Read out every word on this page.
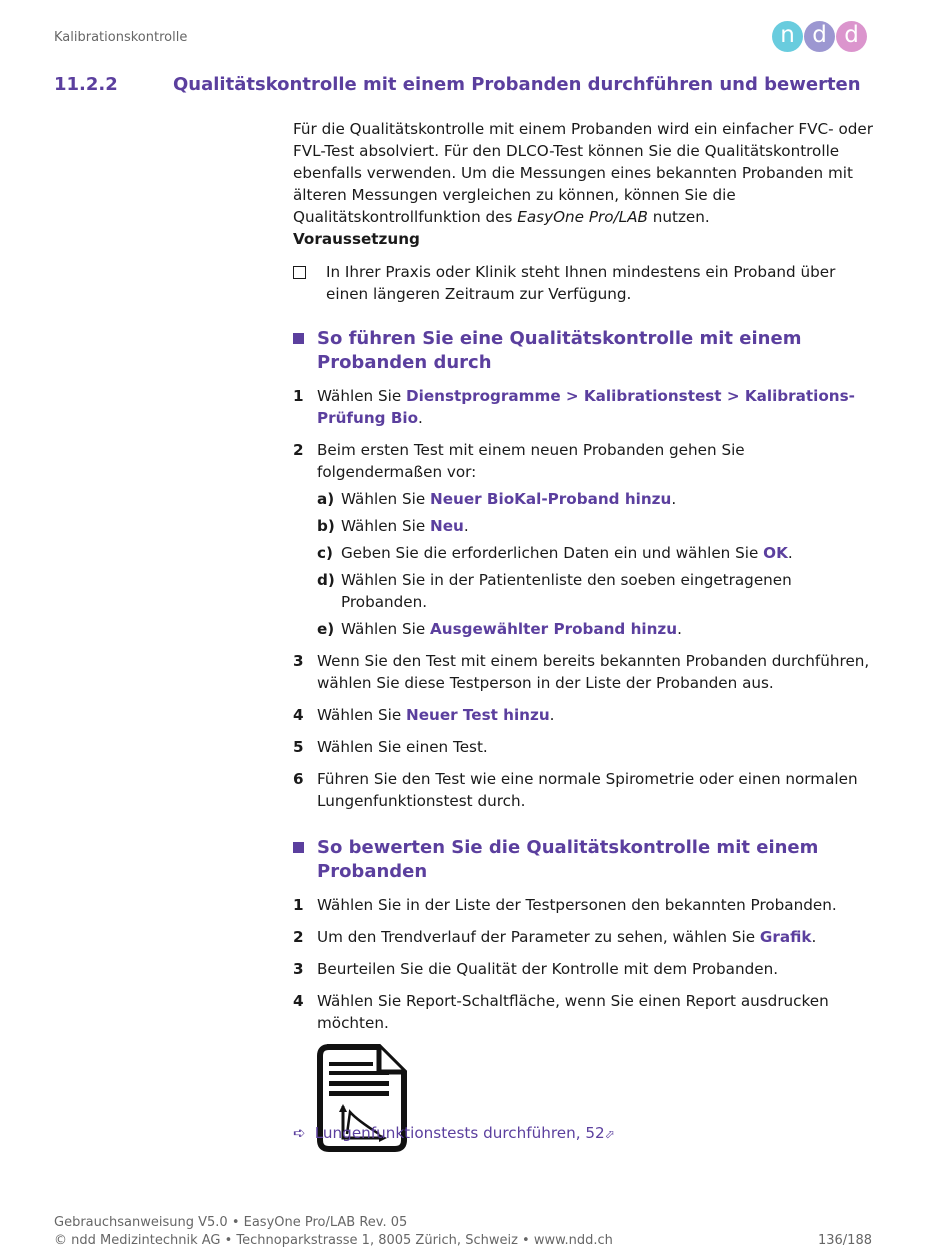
Kalibrationskontrolle	n d d
11.2.2	Qualitätskontrolle mit einem Probanden durchführen und bewerten

Für die Qualitätskontrolle mit einem Probanden wird ein einfacher FVC- oder FVL-Test absolviert. Für den DLCO-Test können Sie die Qualitätskontrolle ebenfalls verwenden. Um die Messungen eines bekannten Probanden mit älteren Messungen vergleichen zu können, können Sie die Qualitätskontrollfunktion des EasyOne Pro/LAB nutzen.

Voraussetzung
In Ihrer Praxis oder Klinik steht Ihnen mindestens ein Proband über einen längeren Zeitraum zur Verfügung.
So führen Sie eine Qualitätskontrolle mit einem Probanden durch
1 Wählen Sie Dienstprogramme > Kalibrationstest > Kalibrations-Prüfung Bio.
2 Beim ersten Test mit einem neuen Probanden gehen Sie folgendermaßen vor:
a) Wählen Sie Neuer BioKal-Proband hinzu.
b) Wählen Sie Neu.
c) Geben Sie die erforderlichen Daten ein und wählen Sie OK.
d) Wählen Sie in der Patientenliste den soeben eingetragenen Probanden.
e) Wählen Sie Ausgewählter Proband hinzu.
3 Wenn Sie den Test mit einem bereits bekannten Probanden durchführen, wählen Sie diese Testperson in der Liste der Probanden aus.
4 Wählen Sie Neuer Test hinzu.
5 Wählen Sie einen Test.
6 Führen Sie den Test wie eine normale Spirometrie oder einen normalen Lungenfunktionstest durch.
So bewerten Sie die Qualitätskontrolle mit einem Probanden
1 Wählen Sie in der Liste der Testpersonen den bekannten Probanden.
2 Um den Trendverlauf der Parameter zu sehen, wählen Sie Grafik.
3 Beurteilen Sie die Qualität der Kontrolle mit dem Probanden.
4 Wählen Sie Report-Schaltfläche, wenn Sie einen Report ausdrucken möchten.
➪ Lungenfunktionstests durchführen, 52⬀
Gebrauchsanweisung V5.0 • EasyOne Pro/LAB Rev. 05
© ndd Medizintechnik AG • Technoparkstrasse 1, 8005 Zürich, Schweiz • www.ndd.ch	136/188
